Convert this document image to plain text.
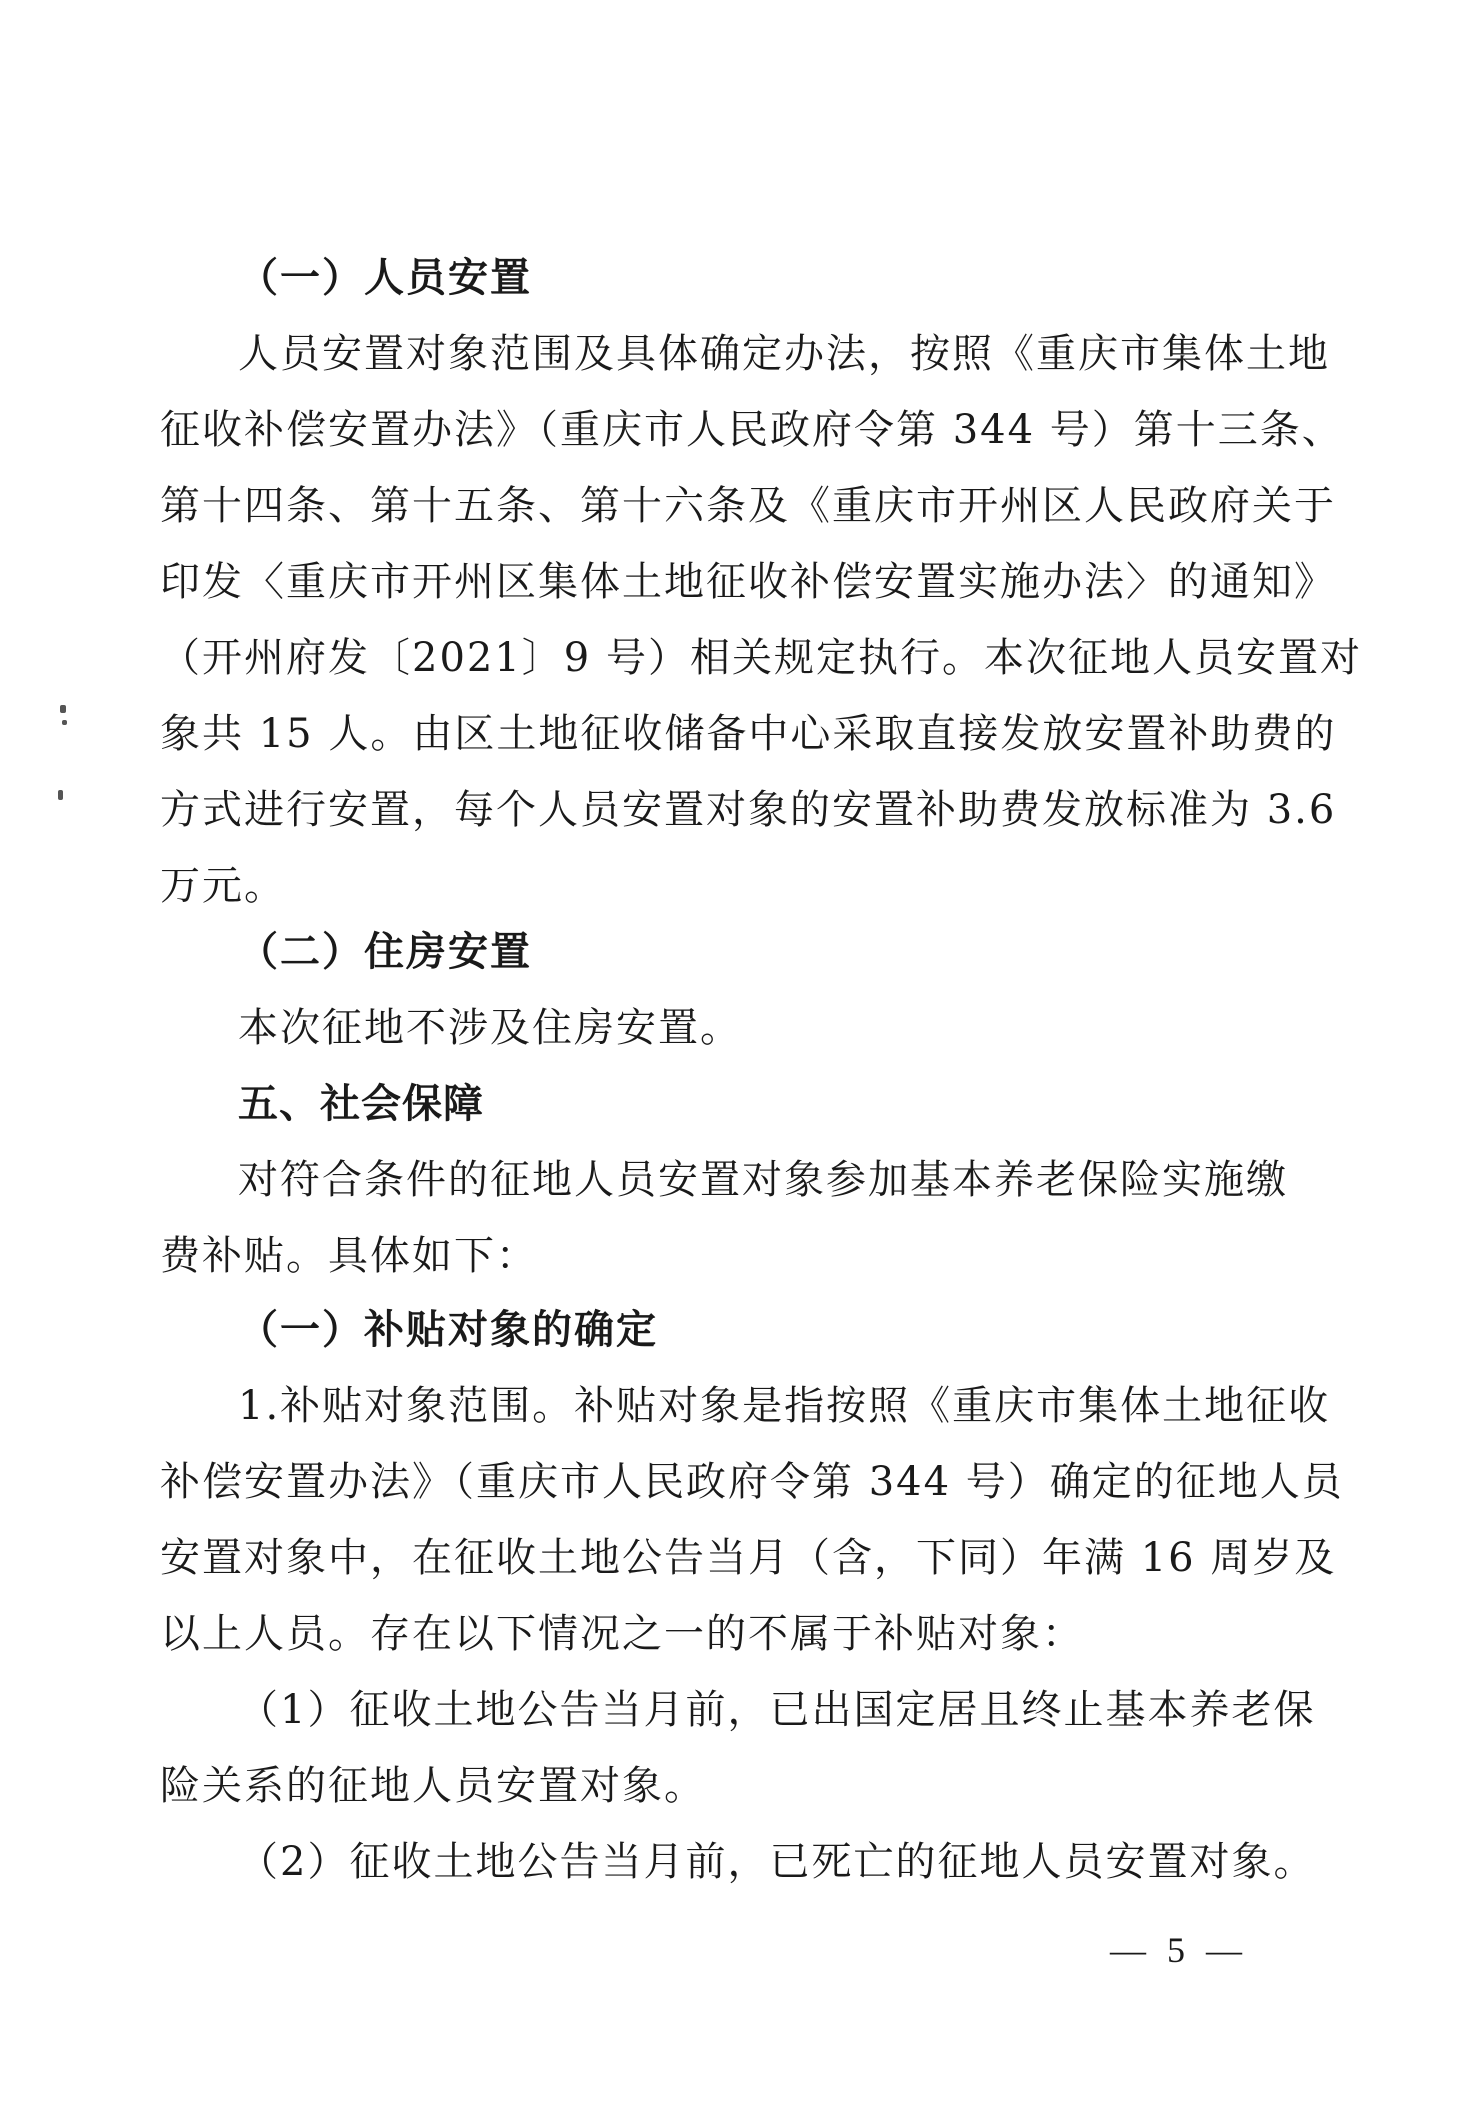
（一）人员安置
人员安置对象范围及具体确定办法，按照《重庆市集体土地
征收补偿安置办法》（重庆市人民政府令第 344 号）第十三条、
第十四条、第十五条、第十六条及《重庆市开州区人民政府关于
印发〈重庆市开州区集体土地征收补偿安置实施办法〉的通知》
（开州府发〔2021〕9 号）相关规定执行。本次征地人员安置对
象共 15 人。由区土地征收储备中心采取直接发放安置补助费的
方式进行安置，每个人员安置对象的安置补助费发放标准为 3.6
万元。
（二）住房安置
本次征地不涉及住房安置。
五、社会保障
对符合条件的征地人员安置对象参加基本养老保险实施缴
费补贴。具体如下：
（一）补贴对象的确定
1.补贴对象范围。补贴对象是指按照《重庆市集体土地征收
补偿安置办法》（重庆市人民政府令第 344 号）确定的征地人员
安置对象中，在征收土地公告当月（含，下同）年满 16 周岁及
以上人员。存在以下情况之一的不属于补贴对象：
（1）征收土地公告当月前，已出国定居且终止基本养老保
险关系的征地人员安置对象。
（2）征收土地公告当月前，已死亡的征地人员安置对象。
— 5 —
